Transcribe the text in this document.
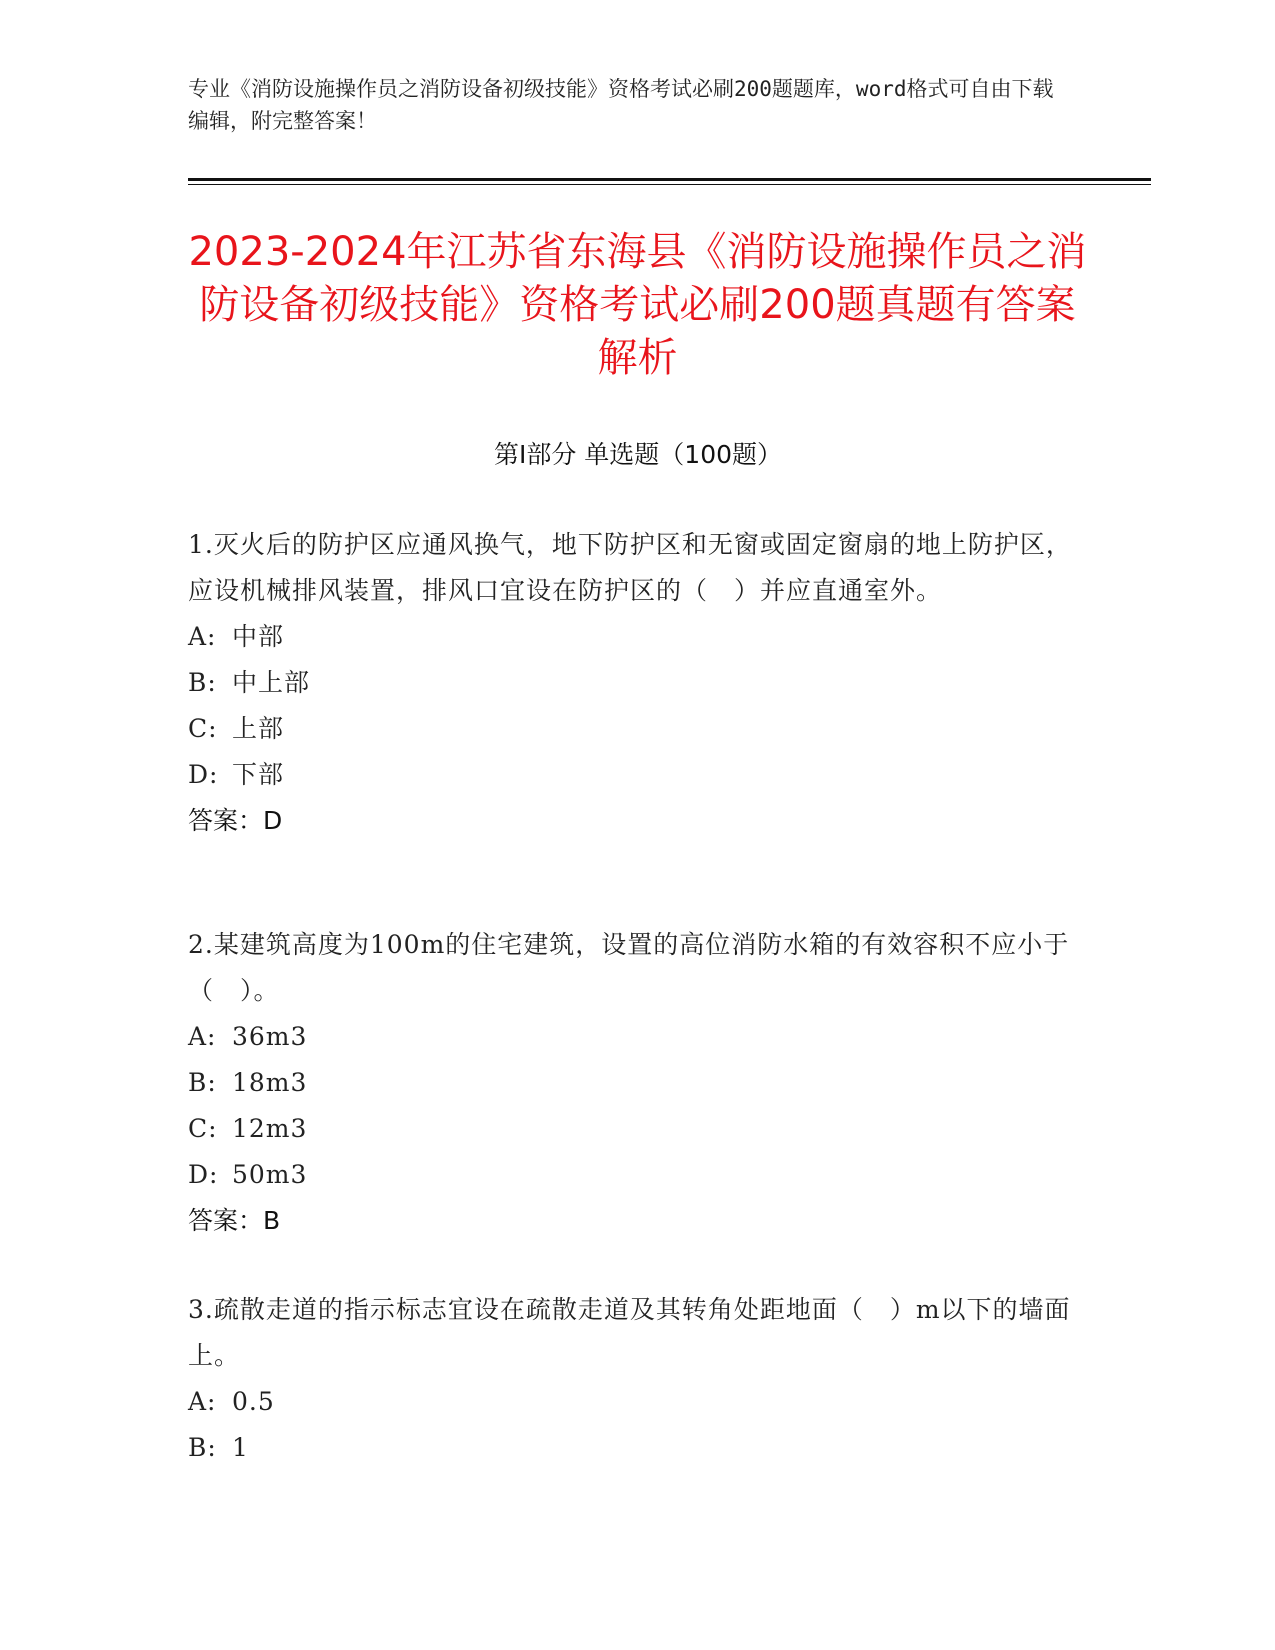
专业《消防设施操作员之消防设备初级技能》资格考试必刷200题题库，word格式可自由下载编辑，附完整答案！
2023-2024年江苏省东海县《消防设施操作员之消防设备初级技能》资格考试必刷200题真题有答案解析
第Ⅰ部分 单选题（100题）
1.灭火后的防护区应通风换气，地下防护区和无窗或固定窗扇的地上防护区，应设机械排风装置，排风口宜设在防护区的（　）并应直通室外。
A: 中部
B: 中上部
C: 上部
D: 下部
答案：D
2.某建筑高度为100m的住宅建筑，设置的高位消防水箱的有效容积不应小于（　）。
A: 36m3
B: 18m3
C: 12m3
D: 50m3
答案：B
3.疏散走道的指示标志宜设在疏散走道及其转角处距地面（　）m以下的墙面上。
A: 0.5
B: 1
